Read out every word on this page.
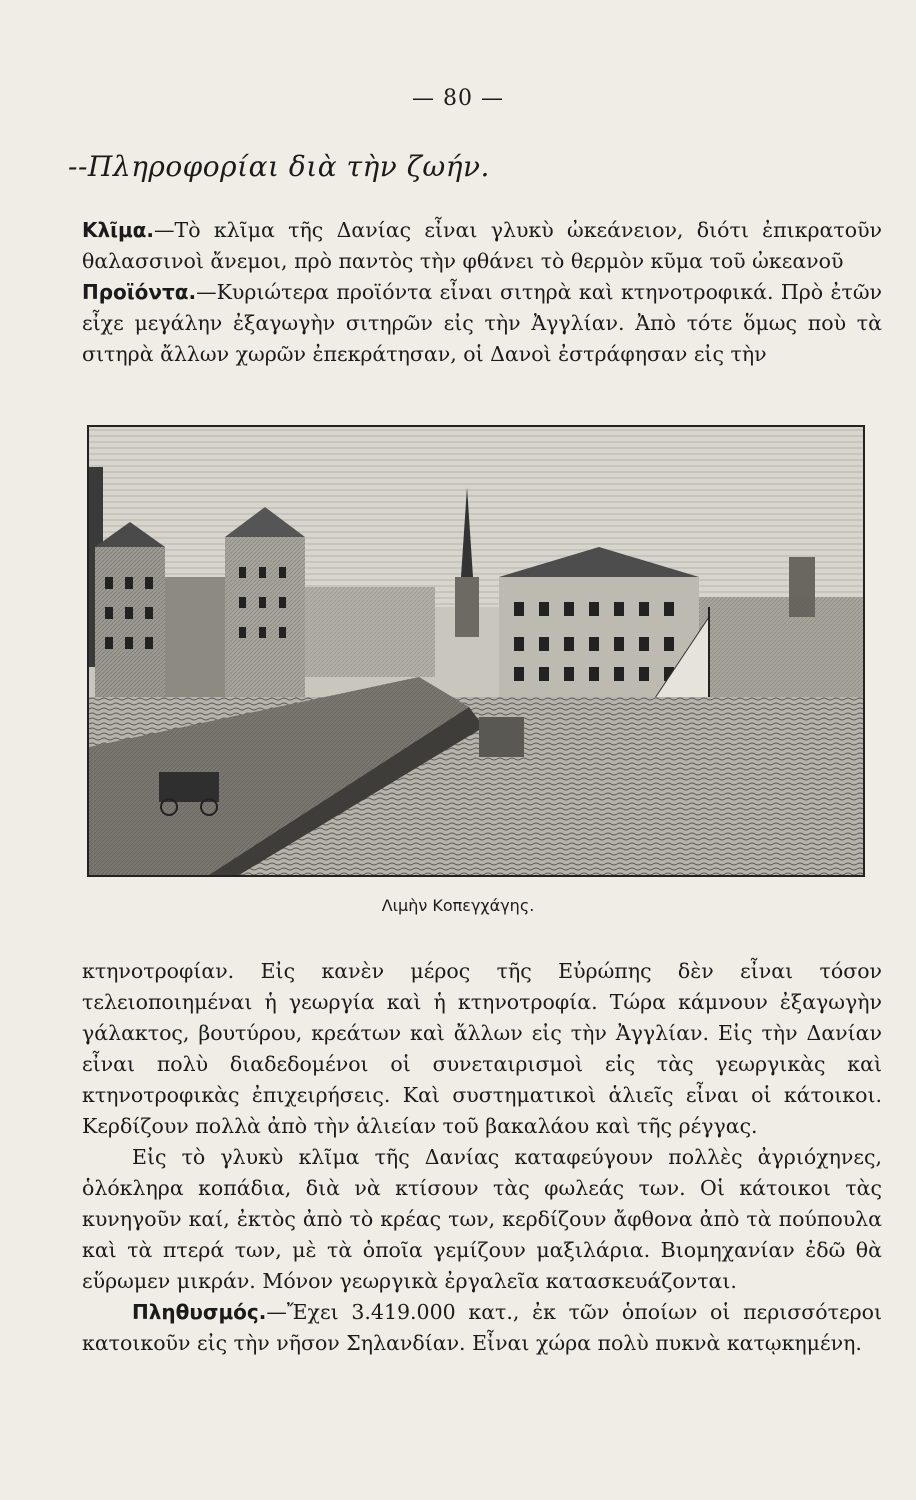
— 80 —
--Πληροφορίαι διὰ τὴν ζωήν.

Κλῖμα.—Τὸ κλῖμα τῆς Δανίας εἶναι γλυκὺ ὠκεάνειον, διότι ἐπικρατοῦν θαλασσινοὶ ἄνεμοι, πρὸ παντὸς τὴν φθάνει τὸ θερμὸν κῦμα τοῦ ὠκεανοῦ

Προϊόντα.—Κυριώτερα προϊόντα εἶναι σιτηρὰ καὶ κτηνοτροφικά. Πρὸ ἐτῶν εἶχε μεγάλην ἐξαγωγὴν σιτηρῶν εἰς τὴν Ἀγγλίαν. Ἀπὸ τότε ὅμως ποὺ τὰ σιτηρὰ ἄλλων χωρῶν ἐπεκράτησαν, οἱ Δανοὶ ἐστράφησαν εἰς τὴν

Λιμὴν Κοπεγχάγης.

κτηνοτροφίαν. Εἰς κανὲν μέρος τῆς Εὐρώπης δὲν εἶναι τόσον τελειοποιημέναι ἡ γεωργία καὶ ἡ κτηνοτροφία. Τώρα κάμνουν ἐξαγωγὴν γάλακτος, βουτύρου, κρεάτων καὶ ἄλλων εἰς τὴν Ἀγγλίαν. Εἰς τὴν Δανίαν εἶναι πολὺ διαδεδομένοι οἱ συνεταιρισμοὶ εἰς τὰς γεωργικὰς καὶ κτηνοτροφικὰς ἐπιχειρήσεις. Καὶ συστηματικοὶ ἁλιεῖς εἶναι οἱ κάτοικοι. Κερδίζουν πολλὰ ἀπὸ τὴν ἁλιείαν τοῦ βακαλάου καὶ τῆς ρέγγας.

Εἰς τὸ γλυκὺ κλῖμα τῆς Δανίας καταφεύγουν πολλὲς ἀγριόχηνες, ὁλόκληρα κοπάδια, διὰ νὰ κτίσουν τὰς φωλεάς των. Οἱ κάτοικοι τὰς κυνηγοῦν καί, ἐκτὸς ἀπὸ τὸ κρέας των, κερδίζουν ἄφθονα ἀπὸ τὰ πούπουλα καὶ τὰ πτερά των, μὲ τὰ ὁποῖα γεμίζουν μαξιλάρια. Βιομηχανίαν ἐδῶ θὰ εὕρωμεν μικράν. Μόνον γεωργικὰ ἐργαλεῖα κατασκευάζονται.

Πληθυσμός.—Ἔχει 3.419.000 κατ., ἐκ τῶν ὁποίων οἱ περισσότεροι κατοικοῦν εἰς τὴν νῆσον Σηλανδίαν. Εἶναι χώρα πολὺ πυκνὰ κατῳκημένη.
